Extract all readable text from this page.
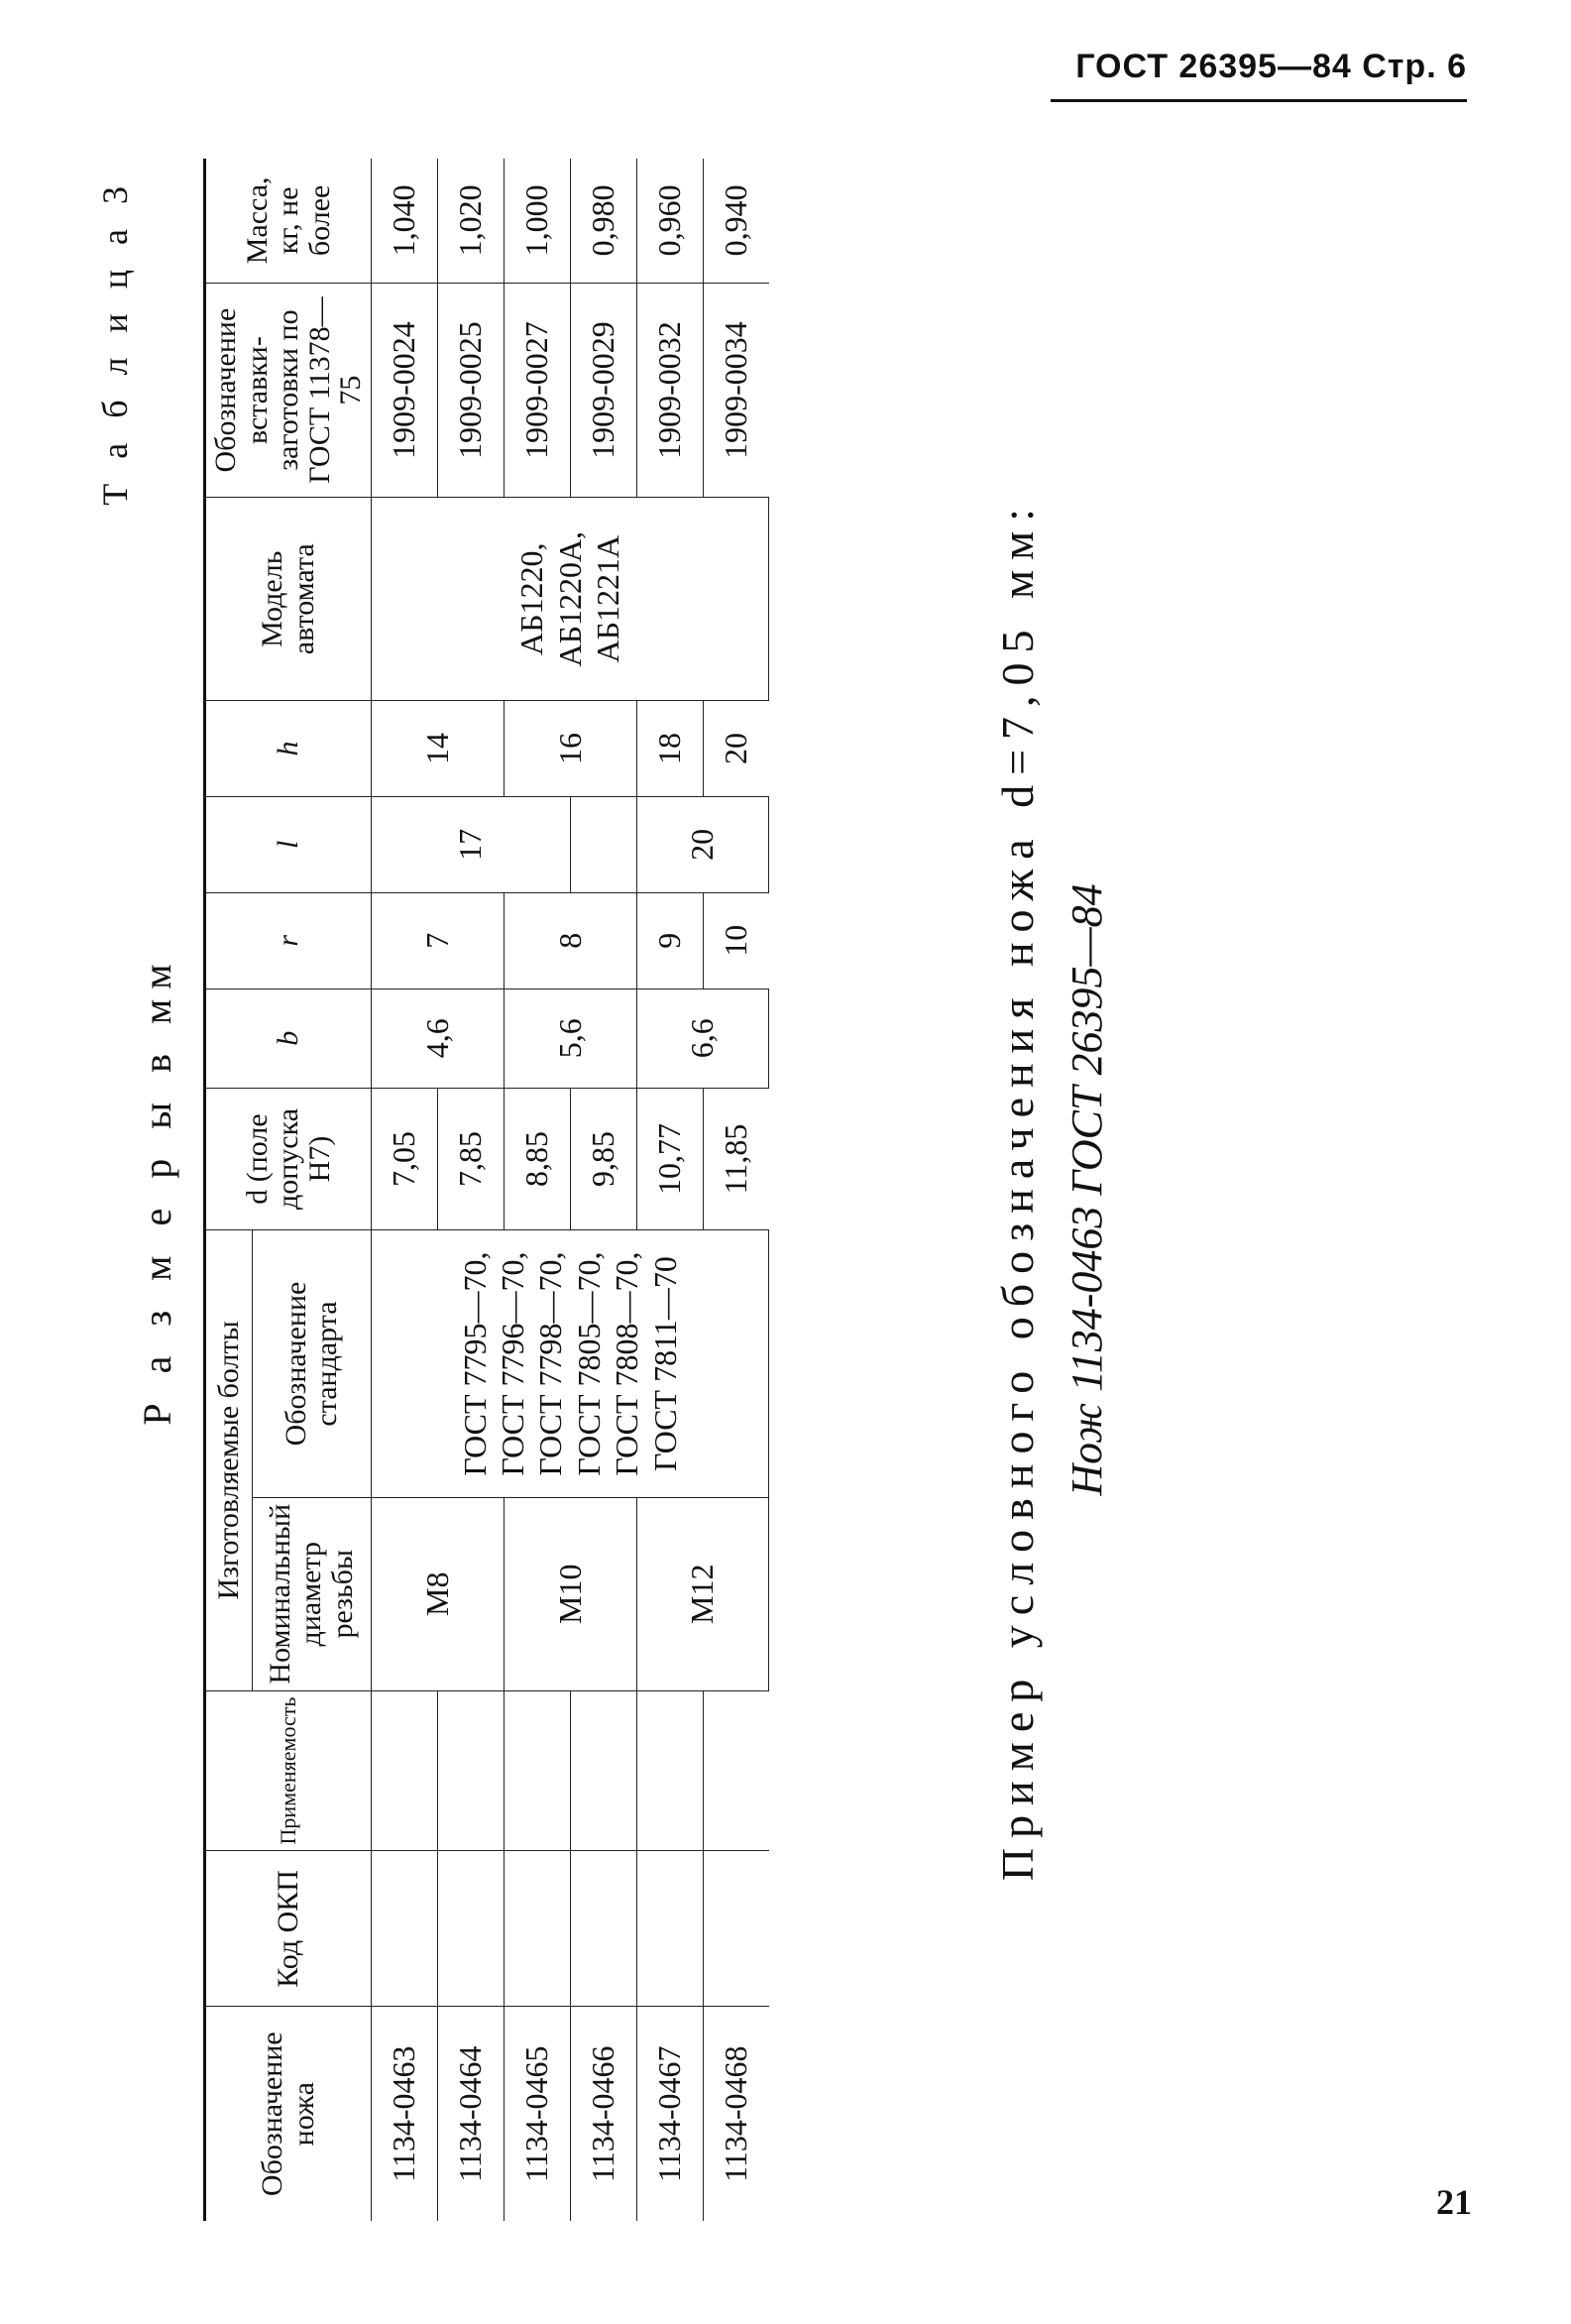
ГОСТ 26395—84 Стр. 6
Т а б л и ц а 3
Р а з м е р ы в мм
Обозначение ножа	Код ОКП	Применяемость	Изготовляемые болты		d (поле допуска H7)	b	r	l	h	Модель автомата	Обозначение вставки-заготовки по ГОСТ 11378—75	Масса, кг, не более
			Номинальный диаметр резьбы	Обозначение стандарта								
1134-0463			M8	ГОСТ 7795—70, ГОСТ 7796—70, ГОСТ 7798—70, ГОСТ 7805—70, ГОСТ 7808—70, ГОСТ 7811—70	7,05	4,6	7	17	14	АБ1220, АБ1220А, АБ1221А	1909-0024	1,040
1134-0464					7,85						1909-0025	1,020
1134-0465			M10		8,85	5,6	8		16		1909-0027	1,000
1134-0466					9,85						1909-0029	0,980
1134-0467			M12		10,77	6,6	9	20	18		1909-0032	0,960
1134-0468					11,85		10		20		1909-0034	0,940
Пример условного обозначения ножа d=7,05 мм: Нож 1134-0463 ГОСТ 26395—84
21
